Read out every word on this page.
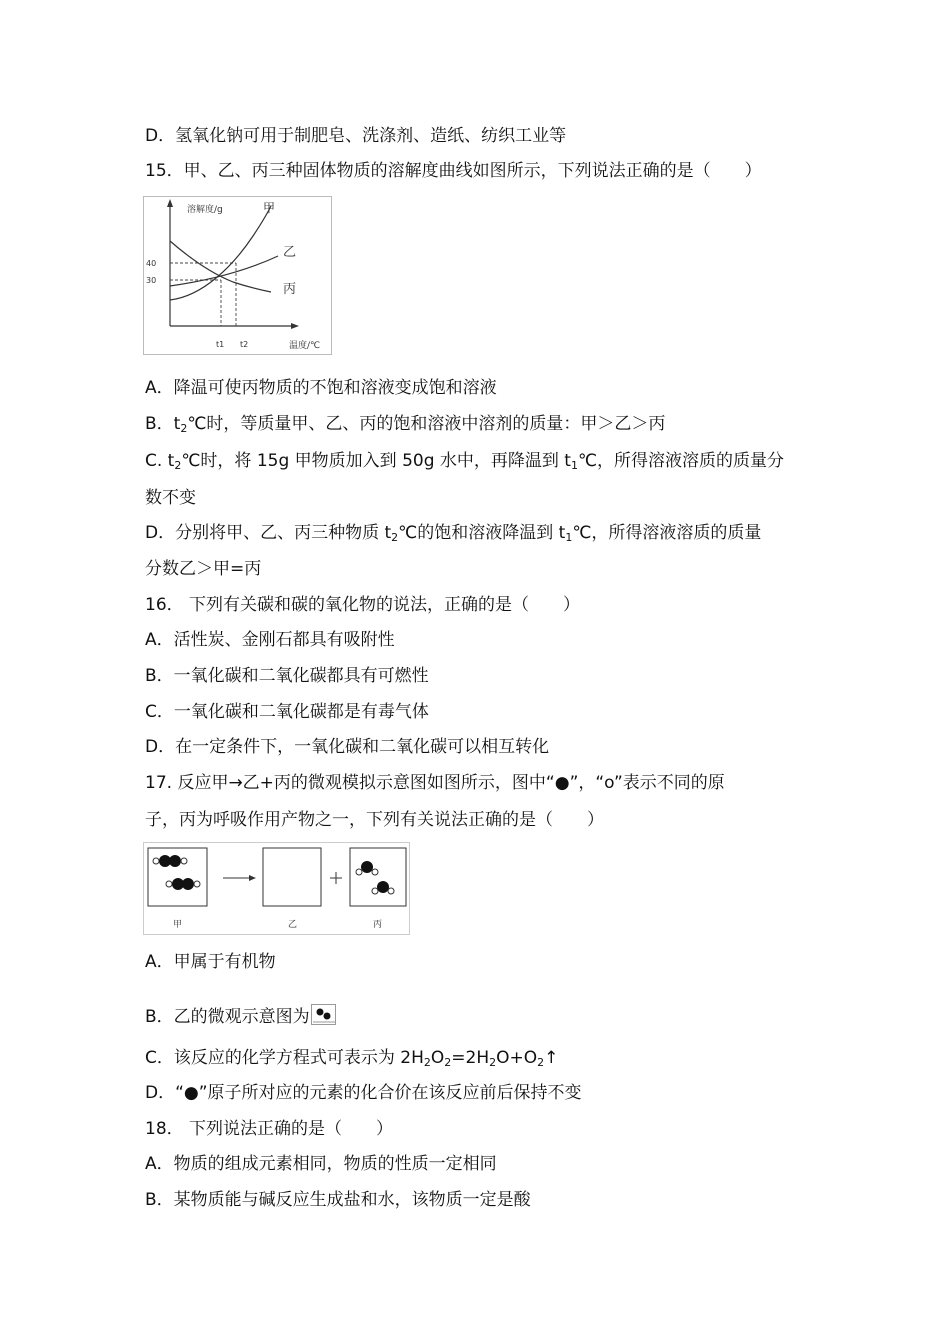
D．氢氧化钠可用于制肥皂、洗涤剂、造纸、纺织工业等
15．甲、乙、丙三种固体物质的溶解度曲线如图所示，下列说法正确的是（　　）
溶解度/g	甲
乙
丙
40
30
t1 t2	温度/℃
A．降温可使丙物质的不饱和溶液变成饱和溶液
B．$t_2℃$时，等质量甲、乙、丙的饱和溶液中溶剂的质量：甲＞乙＞丙
C. $t_2℃$时，将 15g 甲物质加入到 50g 水中，再降温到 $t_1℃$，所得溶液溶质的质量分
数不变
D．分别将甲、乙、丙三种物质 $t_2℃$的饱和溶液降温到 $t_1℃$，所得溶液溶质的质量
分数乙＞甲=丙
16． 下列有关碳和碳的氧化物的说法，正确的是（　　）
A．活性炭、金刚石都具有吸附性
B．一氧化碳和二氧化碳都具有可燃性
C．一氧化碳和二氧化碳都是有毒气体
D．在一定条件下，一氧化碳和二氧化碳可以相互转化
17. 反应甲→乙+丙的微观模拟示意图如图所示，图中“●”，“o”表示不同的原
子，丙为呼吸作用产物之一，下列有关说法正确的是（　　）
甲	乙	丙
A．甲属于有机物
B．乙的微观示意图为
C．该反应的化学方程式可表示为 $2H_2O_2=2H_2O+O_2↑$
D．“●”原子所对应的元素的化合价在该反应前后保持不变
18． 下列说法正确的是（　　）
A．物质的组成元素相同，物质的性质一定相同
B．某物质能与碱反应生成盐和水，该物质一定是酸
